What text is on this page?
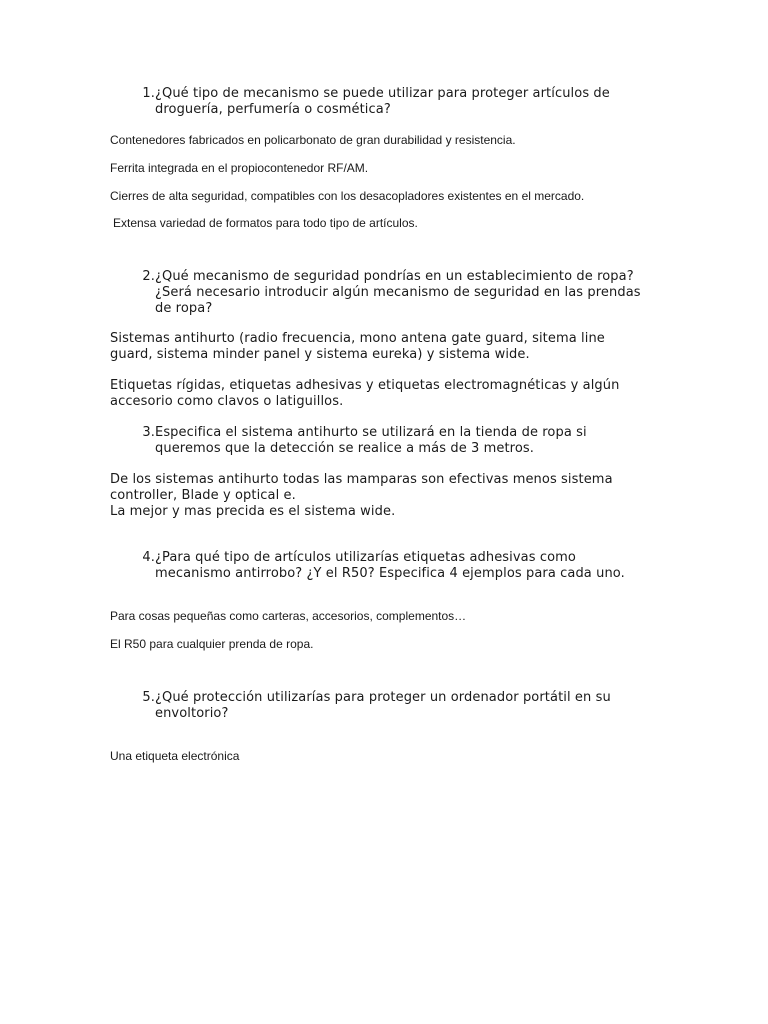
1. ¿Qué tipo de mecanismo se puede utilizar para proteger artículos de droguería, perfumería o cosmética?

Contenedores fabricados en policarbonato de gran durabilidad y resistencia.

Ferrita integrada en el propiocontenedor RF/AM.

Cierres de alta seguridad, compatibles con los desacopladores existentes en el mercado.

Extensa variedad de formatos para todo tipo de artículos.

2. ¿Qué mecanismo de seguridad pondrías en un establecimiento de ropa? ¿Será necesario introducir algún mecanismo de seguridad en las prendas de ropa?

Sistemas antihurto (radio frecuencia, mono antena gate guard, sitema line guard, sistema minder panel y sistema eureka) y sistema wide.

Etiquetas rígidas, etiquetas adhesivas y etiquetas electromagnéticas y algún accesorio como clavos o latiguillos.

3. Especifica el sistema antihurto se utilizará en la tienda de ropa si queremos que la detección se realice a más de 3 metros.

De los sistemas antihurto todas las mamparas son efectivas menos sistema controller, Blade y optical e.

La mejor y mas precida es el sistema wide.

4. ¿Para qué tipo de artículos utilizarías etiquetas adhesivas como mecanismo antirrobo? ¿Y el R50? Especifica 4 ejemplos para cada uno.

Para cosas pequeñas como carteras, accesorios, complementos…

El R50 para cualquier prenda de ropa.

5. ¿Qué protección utilizarías para proteger un ordenador portátil en su envoltorio?

Una etiqueta electrónica
